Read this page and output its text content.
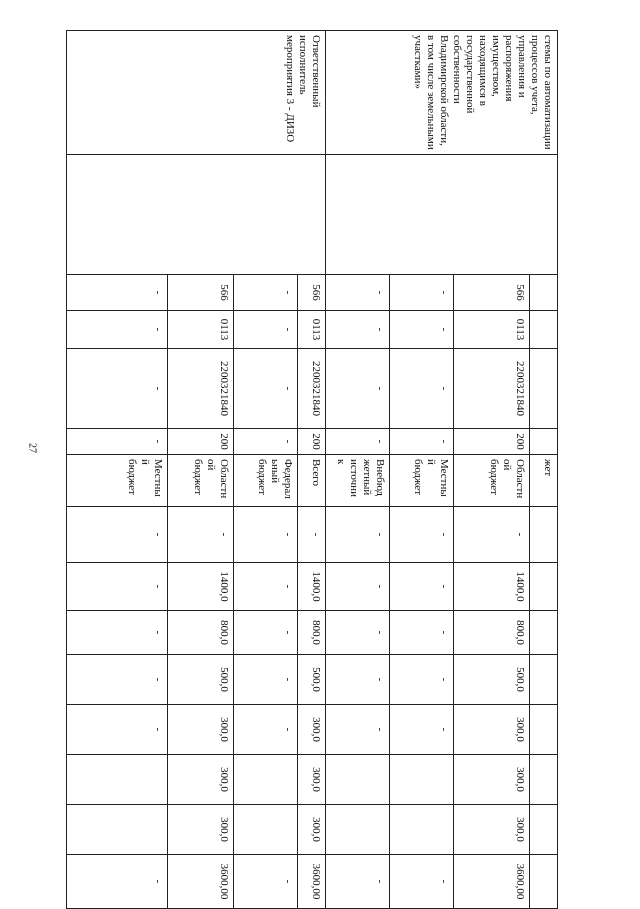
27
стемы по автоматизации процессов учета, управления и распоряжения имуществом, находящимся в государственной собственности Владимирской области, в том числе земельными участками»						жет								
		566	0113	2200321840	200	Областной бюджет	-	1400,0	800,0	500,0	300,0	300,0	300,0	3600,00
		-	-	-	-	Местный бюджет	-	-	-	-	-			-
		-	-	-	-	Внебюджетный источник	-	-	-	-	-			-
Ответственный исполнитель мероприятия 3 - ДИЗО		566	0113	2200321840	200	Всего	-	1400,0	800,0	500,0	300,0	300,0	300,0	3600,00
		-	-	-	-	Федеральный бюджет	-	-	-	-	-			-
		566	0113	2200321840	200	Областной бюджет	-	1400,0	800,0	500,0	300,0	300,0	300,0	3600,00
		-	-	-	-	Местный бюджет	-	-	-	-	-			-
